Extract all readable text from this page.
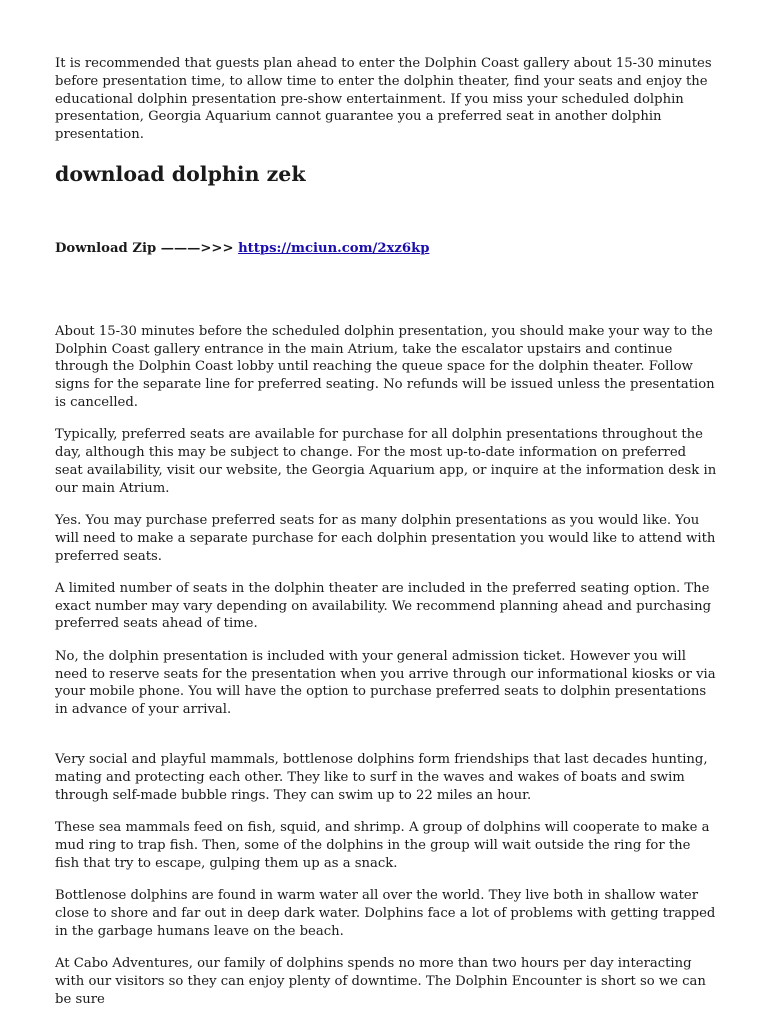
It is recommended that guests plan ahead to enter the Dolphin Coast gallery about 15-30 minutes before presentation time, to allow time to enter the dolphin theater, find your seats and enjoy the educational dolphin presentation pre-show entertainment. If you miss your scheduled dolphin presentation, Georgia Aquarium cannot guarantee you a preferred seat in another dolphin presentation.

download dolphin zek

Download Zip ———>>> https://mciun.com/2xz6kp

About 15-30 minutes before the scheduled dolphin presentation, you should make your way to the Dolphin Coast gallery entrance in the main Atrium, take the escalator upstairs and continue through the Dolphin Coast lobby until reaching the queue space for the dolphin theater. Follow signs for the separate line for preferred seating. No refunds will be issued unless the presentation is cancelled.

Typically, preferred seats are available for purchase for all dolphin presentations throughout the day, although this may be subject to change. For the most up-to-date information on preferred seat availability, visit our website, the Georgia Aquarium app, or inquire at the information desk in our main Atrium.

Yes. You may purchase preferred seats for as many dolphin presentations as you would like. You will need to make a separate purchase for each dolphin presentation you would like to attend with preferred seats.

A limited number of seats in the dolphin theater are included in the preferred seating option. The exact number may vary depending on availability. We recommend planning ahead and purchasing preferred seats ahead of time.

No, the dolphin presentation is included with your general admission ticket. However you will need to reserve seats for the presentation when you arrive through our informational kiosks or via your mobile phone. You will have the option to purchase preferred seats to dolphin presentations in advance of your arrival.

Very social and playful mammals, bottlenose dolphins form friendships that last decades hunting, mating and protecting each other. They like to surf in the waves and wakes of boats and swim through self-made bubble rings. They can swim up to 22 miles an hour.

These sea mammals feed on fish, squid, and shrimp. A group of dolphins will cooperate to make a mud ring to trap fish. Then, some of the dolphins in the group will wait outside the ring for the fish that try to escape, gulping them up as a snack.

Bottlenose dolphins are found in warm water all over the world. They live both in shallow water close to shore and far out in deep dark water. Dolphins face a lot of problems with getting trapped in the garbage humans leave on the beach.

At Cabo Adventures, our family of dolphins spends no more than two hours per day interacting with our visitors so they can enjoy plenty of downtime. The Dolphin Encounter is short so we can be sure
